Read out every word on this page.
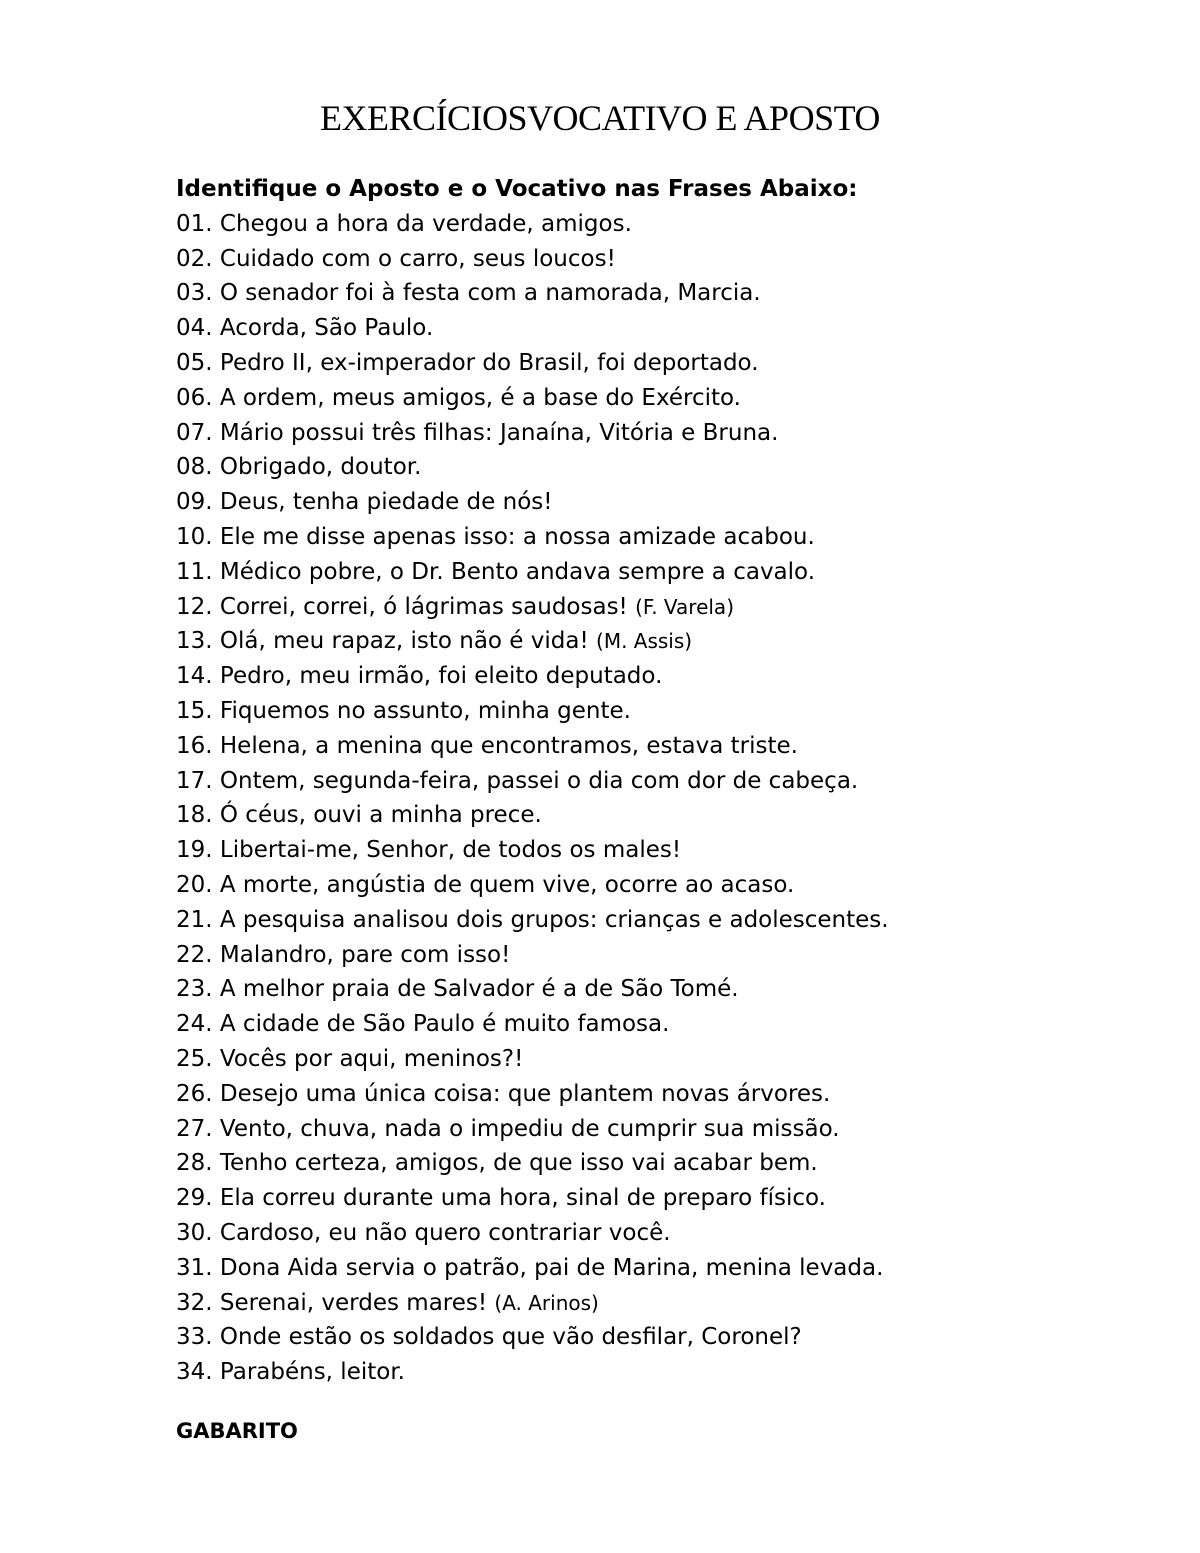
EXERCÍCIOSVOCATIVO E APOSTO

Identifique o Aposto e o Vocativo nas Frases Abaixo:

01. Chegou a hora da verdade, amigos.
02. Cuidado com o carro, seus loucos!
03. O senador foi à festa com a namorada, Marcia.
04. Acorda, São Paulo.
05. Pedro II, ex-imperador do Brasil, foi deportado.
06. A ordem, meus amigos, é a base do Exército.
07. Mário possui três filhas: Janaína, Vitória e Bruna.
08. Obrigado, doutor.
09. Deus, tenha piedade de nós!
10. Ele me disse apenas isso: a nossa amizade acabou.
11. Médico pobre, o Dr. Bento andava sempre a cavalo.
12. Correi, correi, ó lágrimas saudosas! (F. Varela)
13. Olá, meu rapaz, isto não é vida! (M. Assis)
14. Pedro, meu irmão, foi eleito deputado.
15. Fiquemos no assunto, minha gente.
16. Helena, a menina que encontramos, estava triste.
17. Ontem, segunda-feira, passei o dia com dor de cabeça.
18. Ó céus, ouvi a minha prece.
19. Libertai-me, Senhor, de todos os males!
20. A morte, angústia de quem vive, ocorre ao acaso.
21. A pesquisa analisou dois grupos: crianças e adolescentes.
22. Malandro, pare com isso!
23. A melhor praia de Salvador é a de São Tomé.
24. A cidade de São Paulo é muito famosa.
25. Vocês por aqui, meninos?!
26. Desejo uma única coisa: que plantem novas árvores.
27. Vento, chuva, nada o impediu de cumprir sua missão.
28. Tenho certeza, amigos, de que isso vai acabar bem.
29. Ela correu durante uma hora, sinal de preparo físico.
30. Cardoso, eu não quero contrariar você.
31. Dona Aida servia o patrão, pai de Marina, menina levada.
32. Serenai, verdes mares! (A. Arinos)
33. Onde estão os soldados que vão desfilar, Coronel?
34. Parabéns, leitor.

GABARITO
